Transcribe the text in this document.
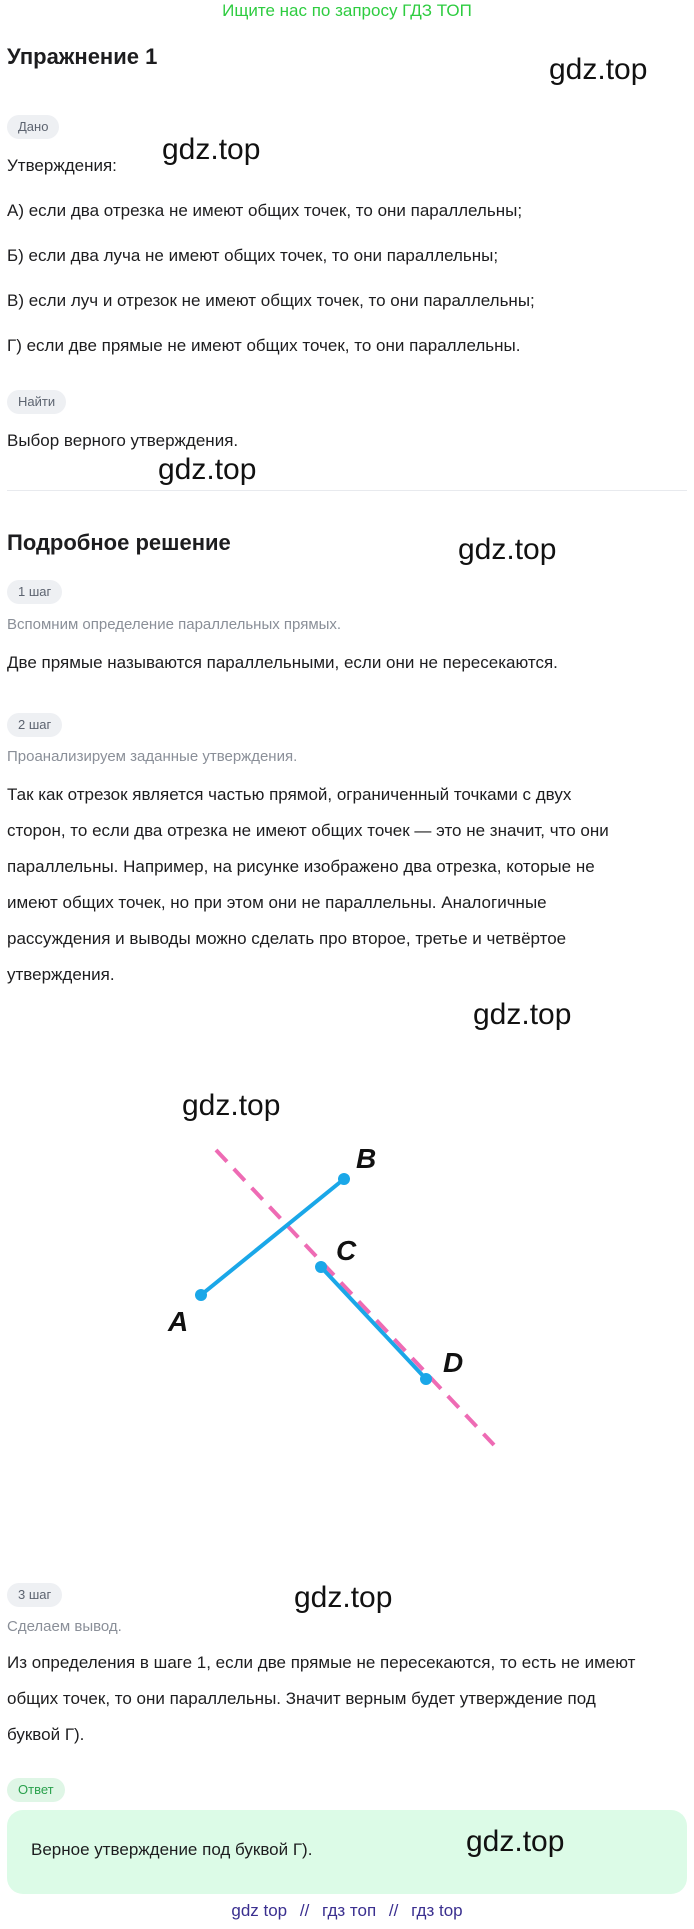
Ищите нас по запросу ГДЗ ТОП
Упражнение 1
Дано
Утверждения:
А) если два отрезка не имеют общих точек, то они параллельны;
Б) если два луча не имеют общих точек, то они параллельны;
В) если луч и отрезок не имеют общих точек, то они параллельны;
Г) если две прямые не имеют общих точек, то они параллельны.
Найти
Выбор верного утверждения.
Подробное решение
1 шаг
Вспомним определение параллельных прямых.
Две прямые называются параллельными, если они не пересекаются.
2 шаг
Проанализируем заданные утверждения.
Так как отрезок является частью прямой, ограниченный точками с двух
сторон, то если два отрезка не имеют общих точек — это не значит, что они
параллельны. Например, на рисунке изображено два отрезка, которые не
имеют общих точек, но при этом они не параллельны. Аналогичные
рассуждения и выводы можно сделать про второе, третье и четвёртое
утверждения.
A
B
C
D
3 шаг
Сделаем вывод.
Из определения в шаге 1, если две прямые не пересекаются, то есть не имеют
общих точек, то они параллельны. Значит верным будет утверждение под
буквой Г).
Ответ
Верное утверждение под буквой Г).
gdz.top
gdz.top
gdz.top
gdz.top
gdz.top
gdz.top
gdz.top
gdz.top
gdz top // гдз топ // гдз top
